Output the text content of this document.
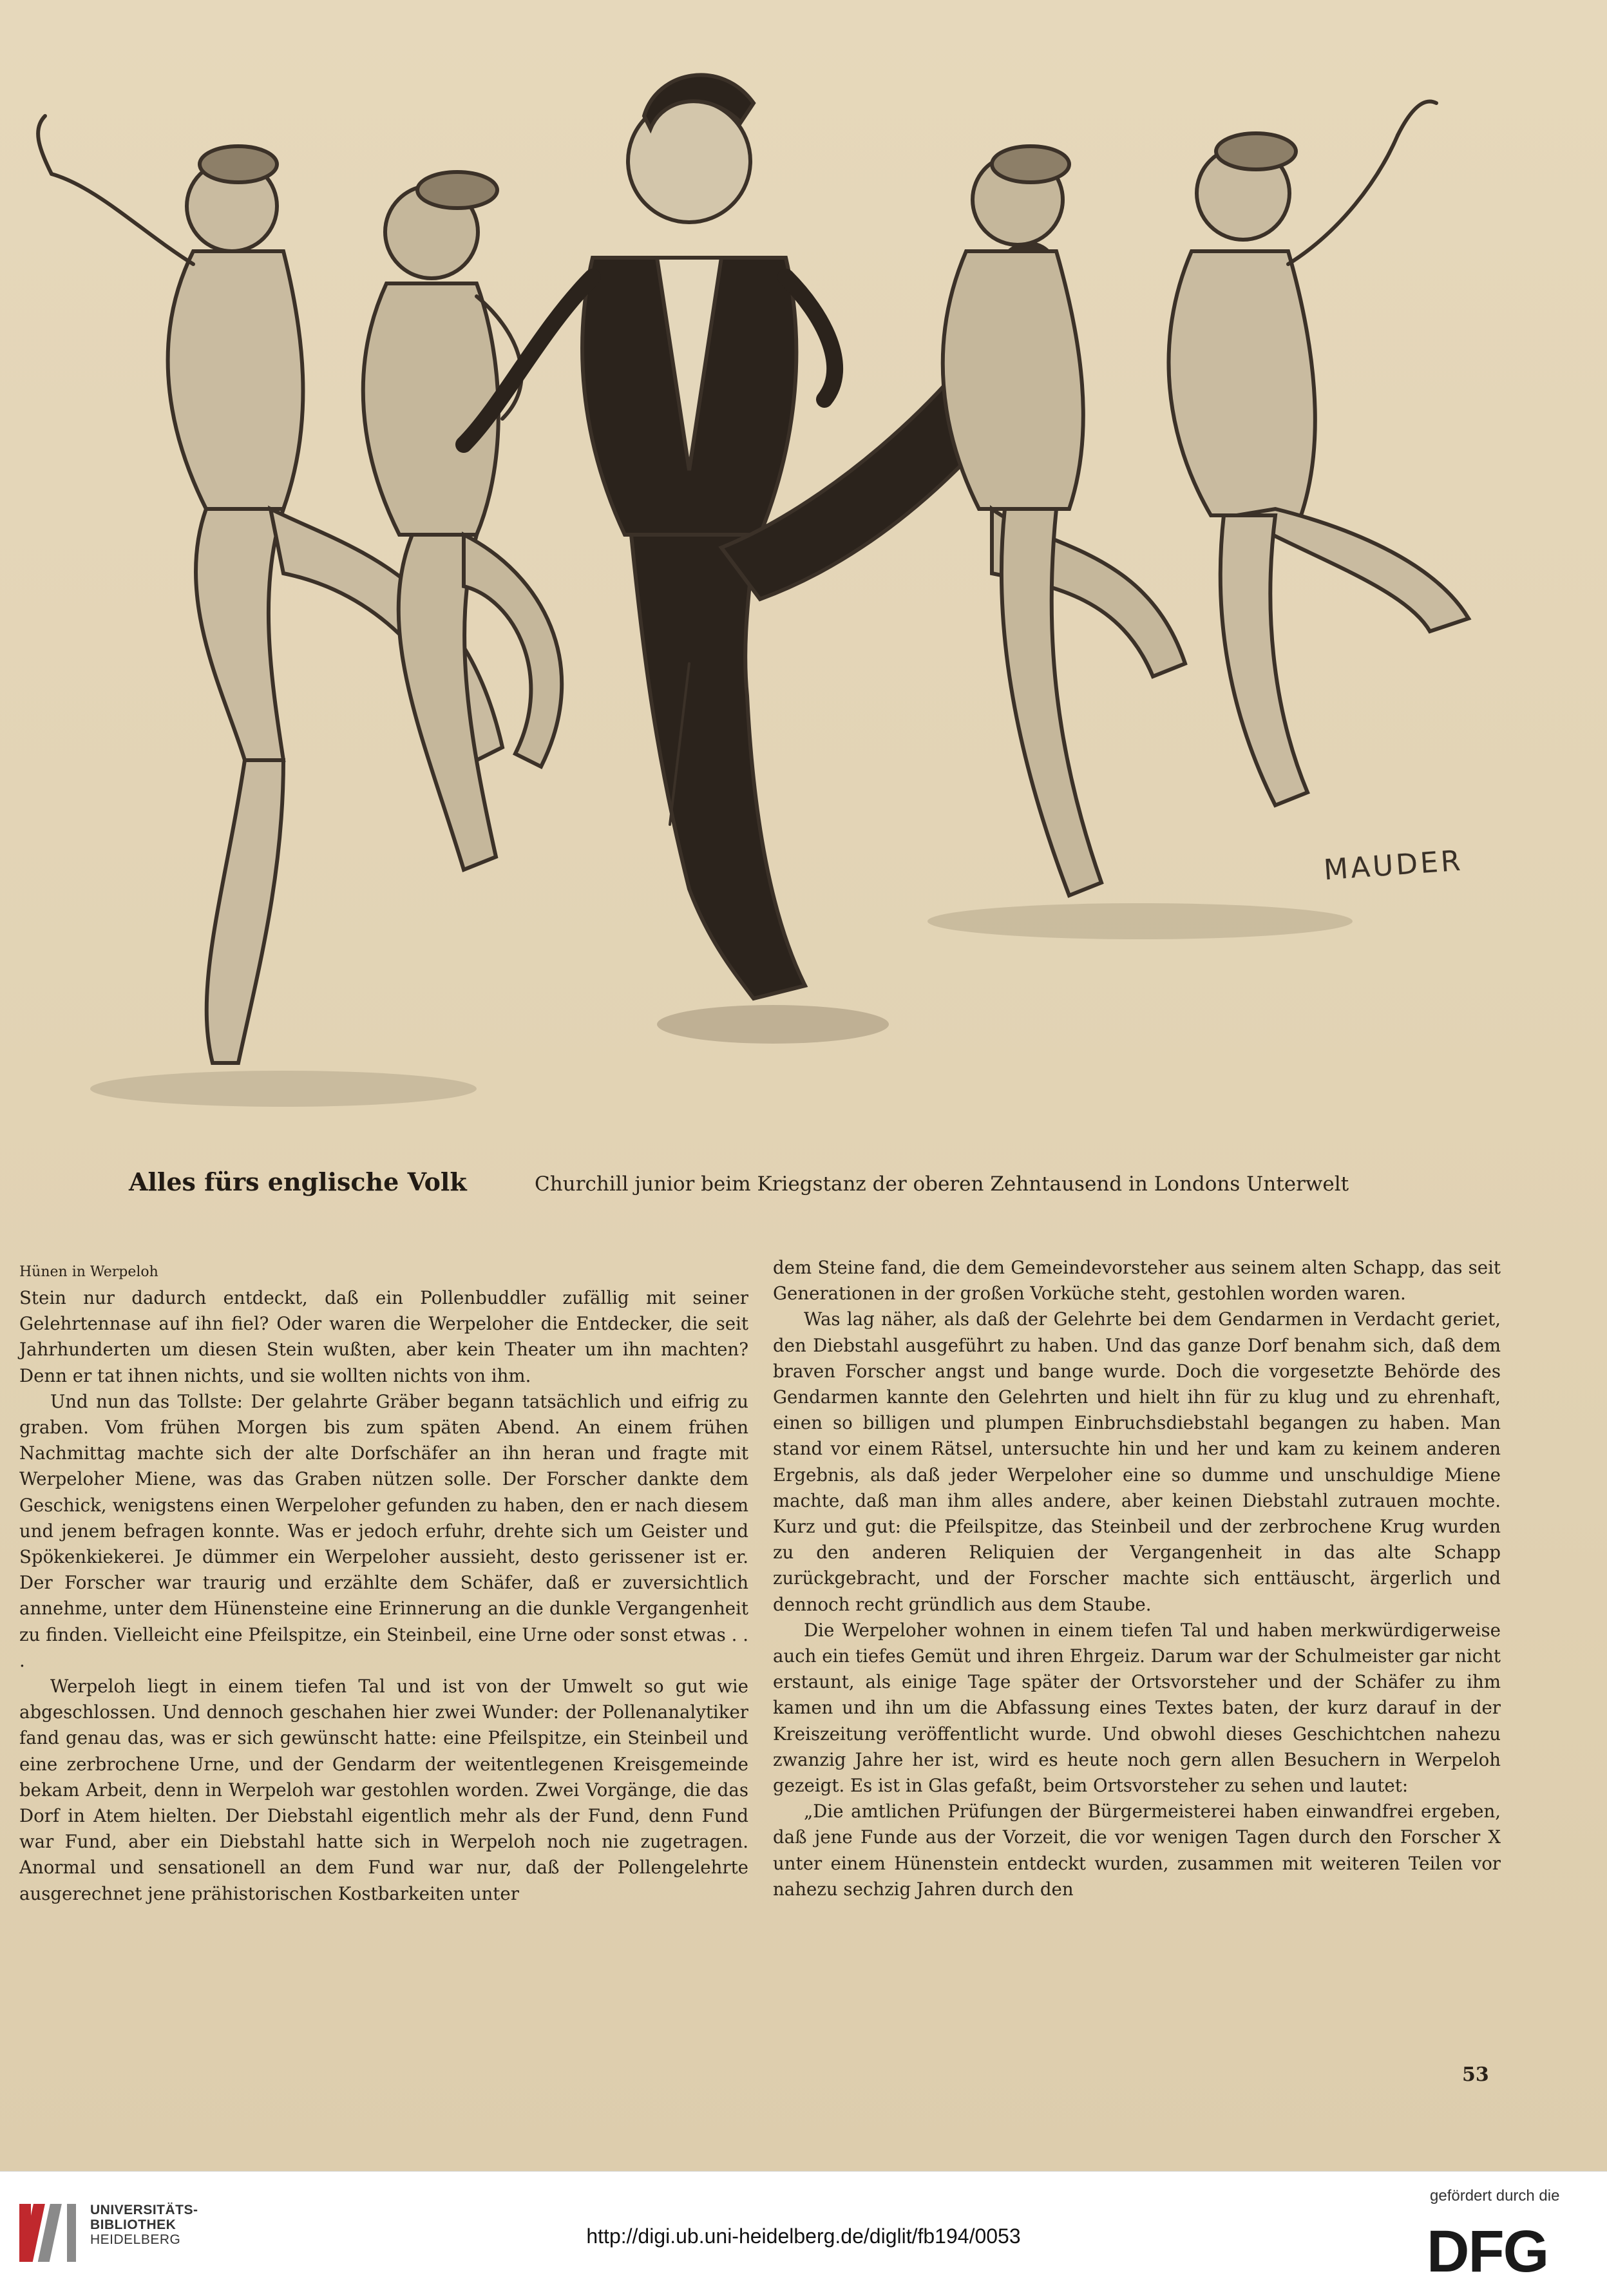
MAUDER
Alles fürs englische Volk	Churchill junior beim Kriegstanz der oberen Zehntausend in Londons Unterwelt

Hünen in Werpeloh

Stein nur dadurch entdeckt, daß ein Pollenbuddler zufällig mit seiner Gelehrtennase auf ihn fiel? Oder waren die Werpeloher die Entdecker, die seit Jahrhunderten um diesen Stein wußten, aber kein Theater um ihn machten? Denn er tat ihnen nichts, und sie wollten nichts von ihm.

Und nun das Tollste: Der gelahrte Gräber begann tatsächlich und eifrig zu graben. Vom frühen Morgen bis zum späten Abend. An einem frühen Nachmittag machte sich der alte Dorfschäfer an ihn heran und fragte mit Werpeloher Miene, was das Graben nützen solle. Der Forscher dankte dem Geschick, wenigstens einen Werpeloher gefunden zu haben, den er nach diesem und jenem befragen konnte. Was er jedoch erfuhr, drehte sich um Geister und Spökenkiekerei. Je dümmer ein Werpeloher aussieht, desto gerissener ist er. Der Forscher war traurig und erzählte dem Schäfer, daß er zuversichtlich annehme, unter dem Hünensteine eine Erinnerung an die dunkle Vergangenheit zu finden. Vielleicht eine Pfeilspitze, ein Steinbeil, eine Urne oder sonst etwas . . .

Werpeloh liegt in einem tiefen Tal und ist von der Umwelt so gut wie abgeschlossen. Und dennoch geschahen hier zwei Wunder: der Pollenanalytiker fand genau das, was er sich gewünscht hatte: eine Pfeilspitze, ein Steinbeil und eine zerbrochene Urne, und der Gendarm der weitentlegenen Kreisgemeinde bekam Arbeit, denn in Werpeloh war gestohlen worden. Zwei Vorgänge, die das Dorf in Atem hielten. Der Diebstahl eigentlich mehr als der Fund, denn Fund war Fund, aber ein Diebstahl hatte sich in Werpeloh noch nie zugetragen. Anormal und sensationell an dem Fund war nur, daß der Pollengelehrte ausgerechnet jene prähistorischen Kostbarkeiten unter

dem Steine fand, die dem Gemeindevorsteher aus seinem alten Schapp, das seit Generationen in der großen Vorküche steht, gestohlen worden waren.

Was lag näher, als daß der Gelehrte bei dem Gendarmen in Verdacht geriet, den Diebstahl ausgeführt zu haben. Und das ganze Dorf benahm sich, daß dem braven Forscher angst und bange wurde. Doch die vorgesetzte Behörde des Gendarmen kannte den Gelehrten und hielt ihn für zu klug und zu ehrenhaft, einen so billigen und plumpen Einbruchsdiebstahl begangen zu haben. Man stand vor einem Rätsel, untersuchte hin und her und kam zu keinem anderen Ergebnis, als daß jeder Werpeloher eine so dumme und unschuldige Miene machte, daß man ihm alles andere, aber keinen Diebstahl zutrauen mochte. Kurz und gut: die Pfeilspitze, das Steinbeil und der zerbrochene Krug wurden zu den anderen Reliquien der Vergangenheit in das alte Schapp zurückgebracht, und der Forscher machte sich enttäuscht, ärgerlich und dennoch recht gründlich aus dem Staube.

Die Werpeloher wohnen in einem tiefen Tal und haben merkwürdigerweise auch ein tiefes Gemüt und ihren Ehrgeiz. Darum war der Schulmeister gar nicht erstaunt, als einige Tage später der Ortsvorsteher und der Schäfer zu ihm kamen und ihn um die Abfassung eines Textes baten, der kurz darauf in der Kreiszeitung veröffentlicht wurde. Und obwohl dieses Geschichtchen nahezu zwanzig Jahre her ist, wird es heute noch gern allen Besuchern in Werpeloh gezeigt. Es ist in Glas gefaßt, beim Ortsvorsteher zu sehen und lautet:

„Die amtlichen Prüfungen der Bürgermeisterei haben einwandfrei ergeben, daß jene Funde aus der Vorzeit, die vor wenigen Tagen durch den Forscher X unter einem Hünenstein entdeckt wurden, zusammen mit weiteren Teilen vor nahezu sechzig Jahren durch den

53
UNIVERSITÄTS-
BIBLIOTHEK
HEIDELBERG	http://digi.ub.uni-heidelberg.de/diglit/fb194/0053
gefördert durch die
DFG
